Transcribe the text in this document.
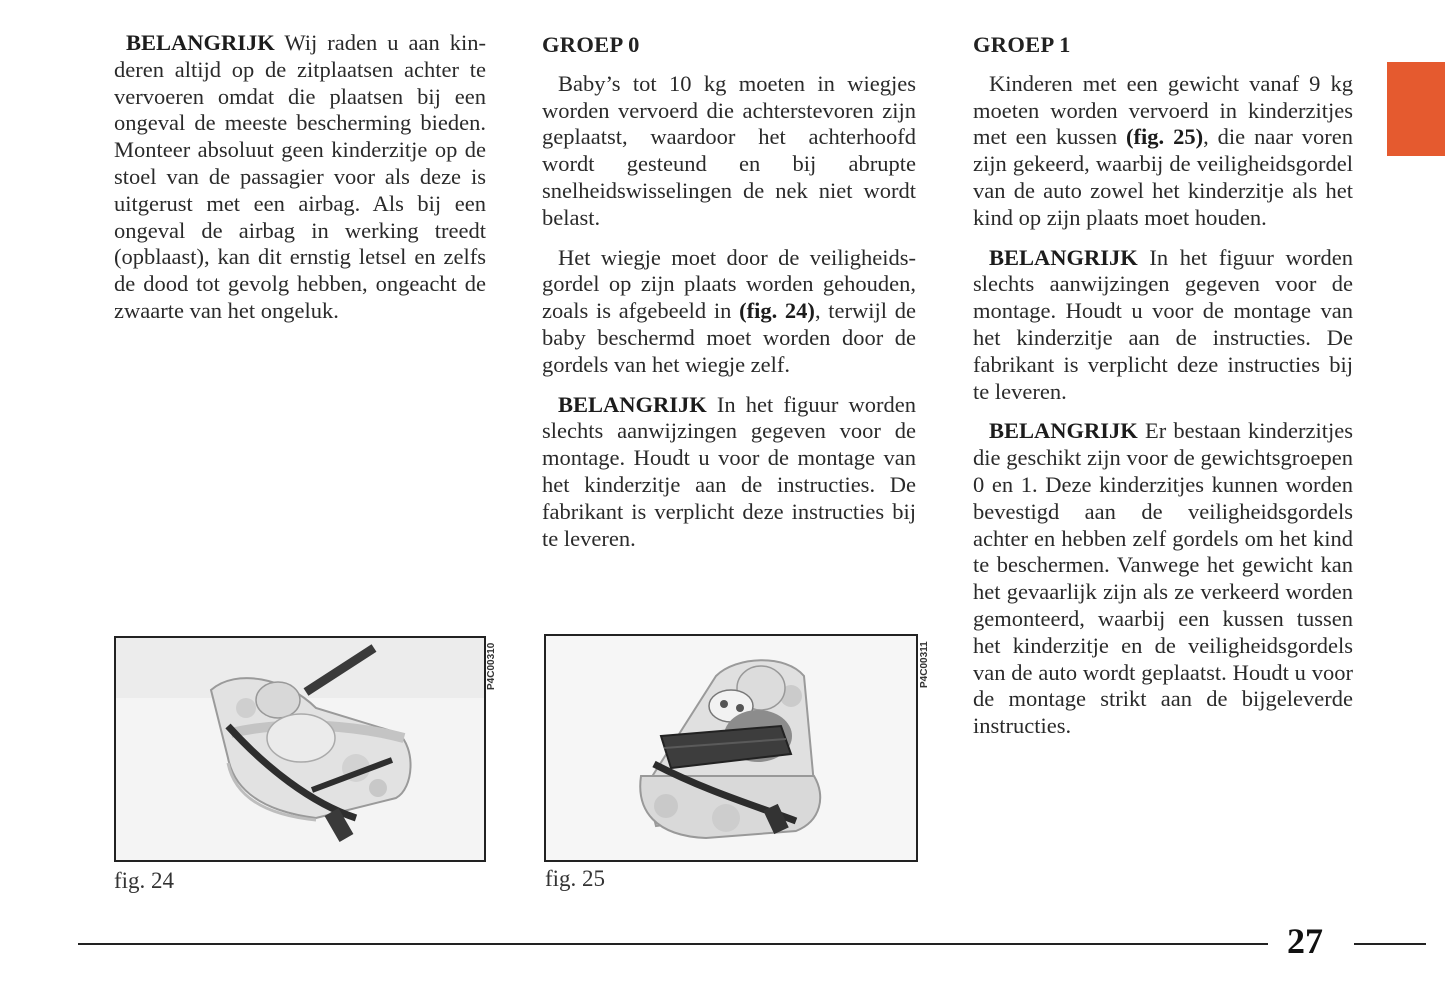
BELANGRIJK Wij raden u aan kinderen altijd op de zitplaatsen achter te vervoeren omdat die plaatsen bij een ongeval de meeste bescherming bieden. Monteer absoluut geen kinderzitje op de stoel van de passagier voor als deze is uitgerust met een airbag. Als bij een ongeval de airbag in werking treedt (opblaast), kan dit ernstig letsel en zelfs de dood tot gevolg hebben, ongeacht de zwaarte van het ongeluk.

GROEP 0

Baby’s tot 10 kg moeten in wiegjes worden vervoerd die achterstevoren zijn geplaatst, waardoor het achterhoofd wordt gesteund en bij abrupte snelheidswisselingen de nek niet wordt belast.

Het wiegje moet door de veiligheidsgordel op zijn plaats worden gehouden, zoals is afgebeeld in (fig. 24), terwijl de baby beschermd moet worden door de gordels van het wiegje zelf.

BELANGRIJK In het figuur worden slechts aanwijzingen gegeven voor de montage. Houdt u voor de montage van het kinderzitje aan de instructies. De fabrikant is verplicht deze instructies bij te leveren.

GROEP 1

Kinderen met een gewicht vanaf 9 kg moeten worden vervoerd in kinderzitjes met een kussen (fig. 25), die naar voren zijn gekeerd, waarbij de veiligheidsgordel van de auto zowel het kinderzitje als het kind op zijn plaats moet houden.

BELANGRIJK In het figuur worden slechts aanwijzingen gegeven voor de montage. Houdt u voor de montage van het kinderzitje aan de instructies. De fabrikant is verplicht deze instructies bij te leveren.

BELANGRIJK Er bestaan kinderzitjes die geschikt zijn voor de gewichtsgroepen 0 en 1. Deze kinderzitjes kunnen worden bevestigd aan de veiligheidsgordels achter en hebben zelf gordels om het kind te beschermen. Vanwege het gewicht kan het gevaarlijk zijn als ze verkeerd worden gemonteerd, waarbij een kussen tussen het kinderzitje en de veiligheidsgordels van de auto wordt geplaatst. Houdt u voor de montage strikt aan de bijgeleverde instructies.

P4C00310
fig. 24
P4C00311
fig. 25
27
